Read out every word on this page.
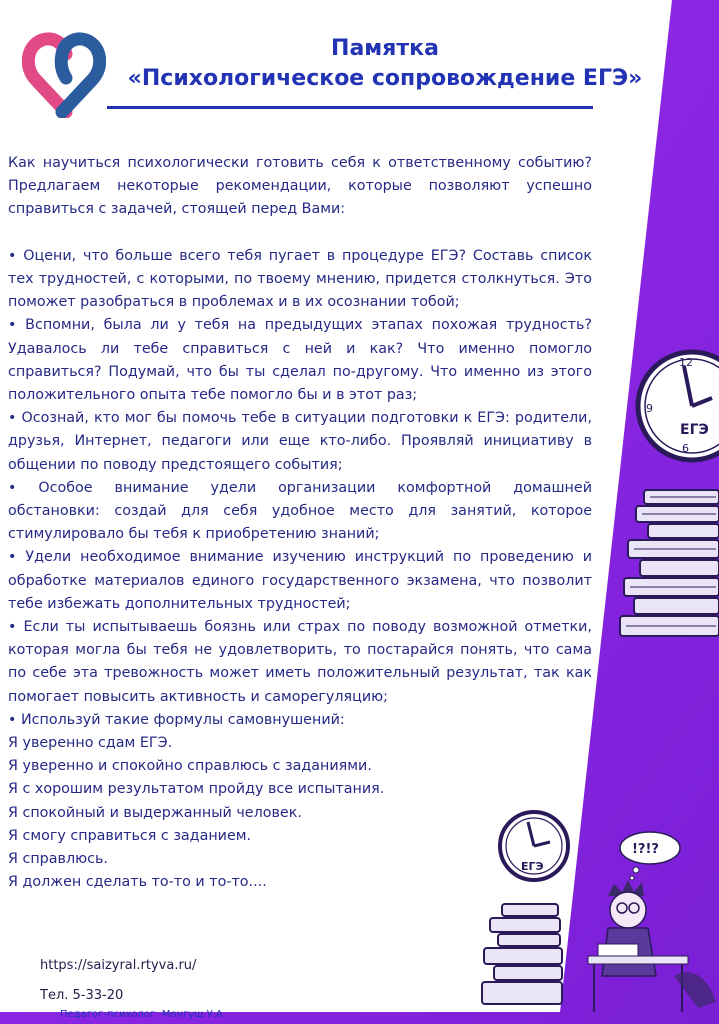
Памятка
«Психологическое сопровождение ЕГЭ»

Как научиться психологически готовить себя к ответственному событию?

Предлагаем некоторые рекомендации, которые позволяют успешно

справиться с задачей, стоящей перед Вами:

• Оцени, что больше всего тебя пугает в процедуре ЕГЭ? Составь список

тех трудностей, с которыми, по твоему мнению, придется столкнуться. Это

поможет разобраться в проблемах и в их осознании тобой;

• Вспомни, была ли у тебя на предыдущих этапах похожая трудность?

Удавалось ли тебе справиться с ней и как? Что именно помогло

справиться? Подумай, что бы ты сделал по-другому. Что именно из этого

положительного опыта тебе помогло бы и в этот раз;

• Осознай, кто мог бы помочь тебе в ситуации подготовки к ЕГЭ: родители,

друзья, Интернет, педагоги или еще кто-либо. Проявляй инициативу в

общении по поводу предстоящего события;

• Особое внимание удели организации комфортной домашней

обстановки: создай для себя удобное место для занятий, которое

стимулировало бы тебя к приобретению знаний;

• Удели необходимое внимание изучению инструкций по проведению и

обработке материалов единого государственного экзамена, что позволит

тебе избежать дополнительных трудностей;

• Если ты испытываешь боязнь или страх по поводу возможной отметки,

которая могла бы тебя не удовлетворить, то постарайся понять, что сама

по себе эта тревожность может иметь положительный результат, так как

помогает повысить активность и саморегуляцию;

• Используй такие формулы самовнушений:

Я уверенно сдам ЕГЭ.

Я уверенно и спокойно справлюсь с заданиями.

Я с хорошим результатом пройду все испытания.

Я спокойный и выдержанный человек.

Я смогу справиться с заданием.

Я справлюсь.

Я должен сделать то-то и то-то....

12
9
6
ЕГЭ
ЕГЭ
!?!?
https://saizyral.rtyva.ru/
Тел. 5-33-20
Педагог-психолог: Монгуш У.А.
